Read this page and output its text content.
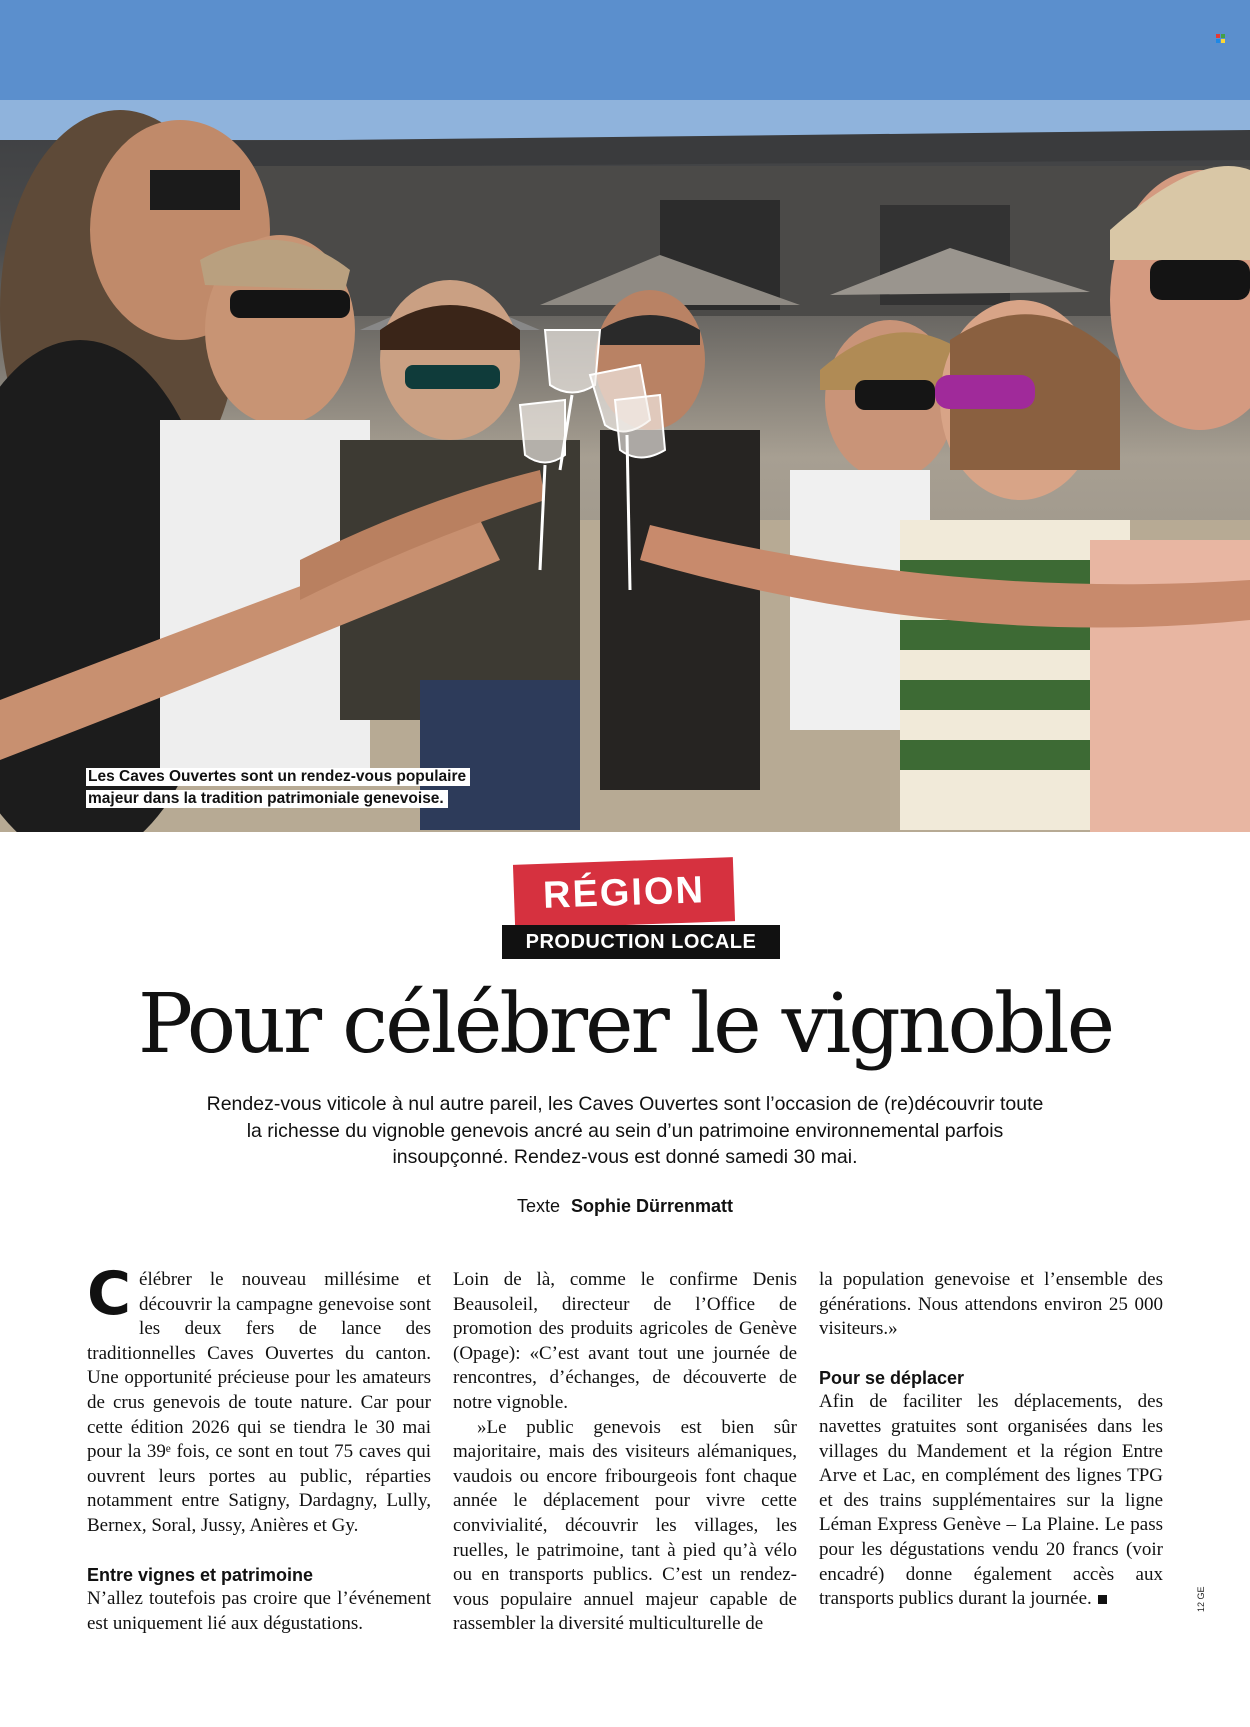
Les Caves Ouvertes sont un rendez-vous populaire majeur dans la tradition patrimoniale genevoise.
RÉGION
PRODUCTION LOCALE
Pour célébrer le vignoble
Rendez-vous viticole à nul autre pareil, les Caves Ouvertes sont l’occasion de (re)découvrir toute la richesse du vignoble genevois ancré au sein d’un patrimoine environnemental parfois insoupçonné. Rendez-vous est donné samedi 30 mai.
Texte Sophie Dürrenmatt

Célébrer le nouveau millésime et découvrir la campagne genevoise sont les deux fers de lance des traditionnelles Caves Ouvertes du canton. Une opportunité précieuse pour les amateurs de crus genevois de toute nature. Car pour cette édition 2026 qui se tiendra le 30 mai pour la 39ᵉ fois, ce sont en tout 75 caves qui ouvrent leurs portes au public, réparties notamment entre Satigny, Dardagny, Lully, Bernex, Soral, Jussy, Anières et Gy.

Entre vignes et patrimoine

N’allez toutefois pas croire que l’événement est uniquement lié aux dégustations.

Loin de là, comme le confirme Denis Beausoleil, directeur de l’Office de promotion des produits agricoles de Genève (Opage): «C’est avant tout une journée de rencontres, d’échanges, de découverte de notre vignoble.

»Le public genevois est bien sûr majoritaire, mais des visiteurs alémaniques, vaudois ou encore fribourgeois font chaque année le déplacement pour vivre cette convivialité, découvrir les villages, les ruelles, le patrimoine, tant à pied qu’à vélo ou en transports publics. C’est un rendez-vous populaire annuel majeur capable de rassembler la diversité multiculturelle de

la population genevoise et l’ensemble des générations. Nous attendons environ 25 000 visiteurs.»

Pour se déplacer

Afin de faciliter les déplacements, des navettes gratuites sont organisées dans les villages du Mandement et la région Entre Arve et Lac, en complément des lignes TPG et des trains supplémentaires sur la ligne Léman Express Genève – La Plaine. Le pass pour les dégustations vendu 20 francs (voir encadré) donne également accès aux transports publics durant la journée.	12 GE
